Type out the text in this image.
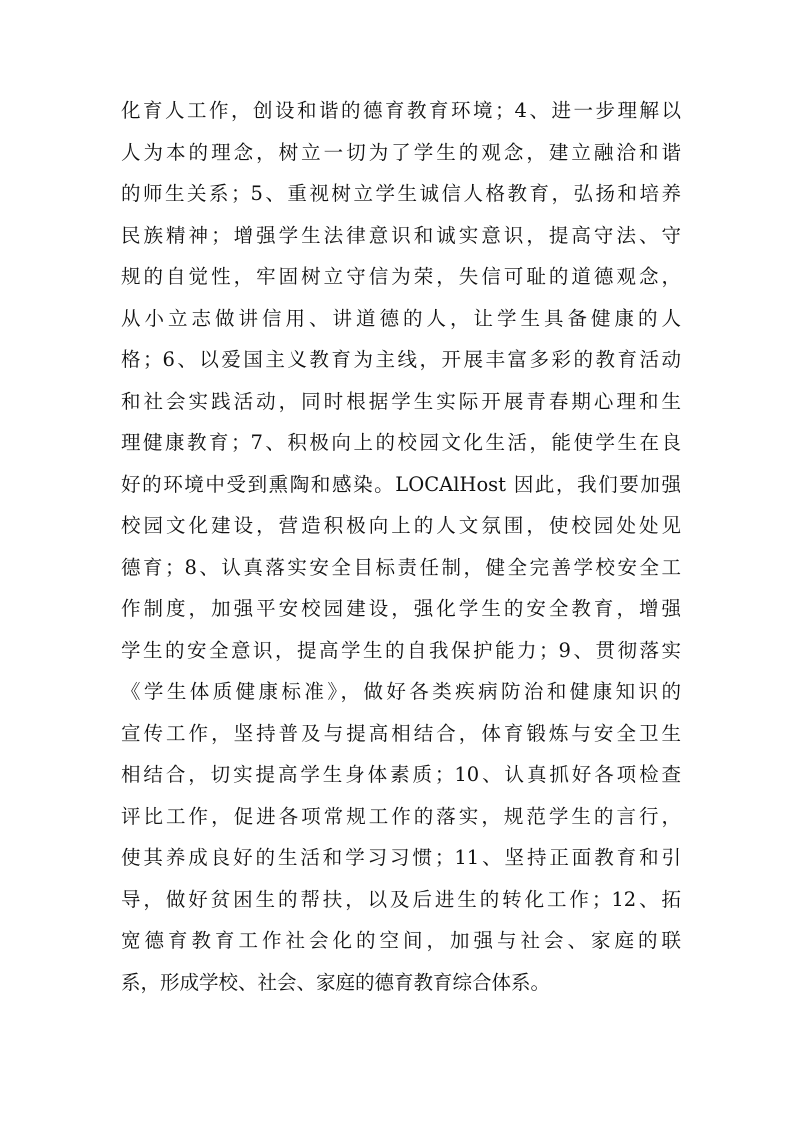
化育人工作，创设和谐的德育教育环境；4、进一步理解以
人为本的理念，树立一切为了学生的观念，建立融洽和谐
的师生关系；5、重视树立学生诚信人格教育，弘扬和培养
民族精神；增强学生法律意识和诚实意识，提高守法、守
规的自觉性，牢固树立守信为荣，失信可耻的道德观念，
从小立志做讲信用、讲道德的人，让学生具备健康的人
格；6、以爱国主义教育为主线，开展丰富多彩的教育活动
和社会实践活动，同时根据学生实际开展青春期心理和生
理健康教育；7、积极向上的校园文化生活，能使学生在良
好的环境中受到熏陶和感染。LOCAlHost 因此，我们要加强
校园文化建设，营造积极向上的人文氛围，使校园处处见
德育；8、认真落实安全目标责任制，健全完善学校安全工
作制度，加强平安校园建设，强化学生的安全教育，增强
学生的安全意识，提高学生的自我保护能力；9、贯彻落实
《学生体质健康标准》，做好各类疾病防治和健康知识的
宣传工作，坚持普及与提高相结合，体育锻炼与安全卫生
相结合，切实提高学生身体素质；10、认真抓好各项检查
评比工作，促进各项常规工作的落实，规范学生的言行，
使其养成良好的生活和学习习惯；11、坚持正面教育和引
导，做好贫困生的帮扶，以及后进生的转化工作；12、拓
宽德育教育工作社会化的空间，加强与社会、家庭的联
系，形成学校、社会、家庭的德育教育综合体系。
